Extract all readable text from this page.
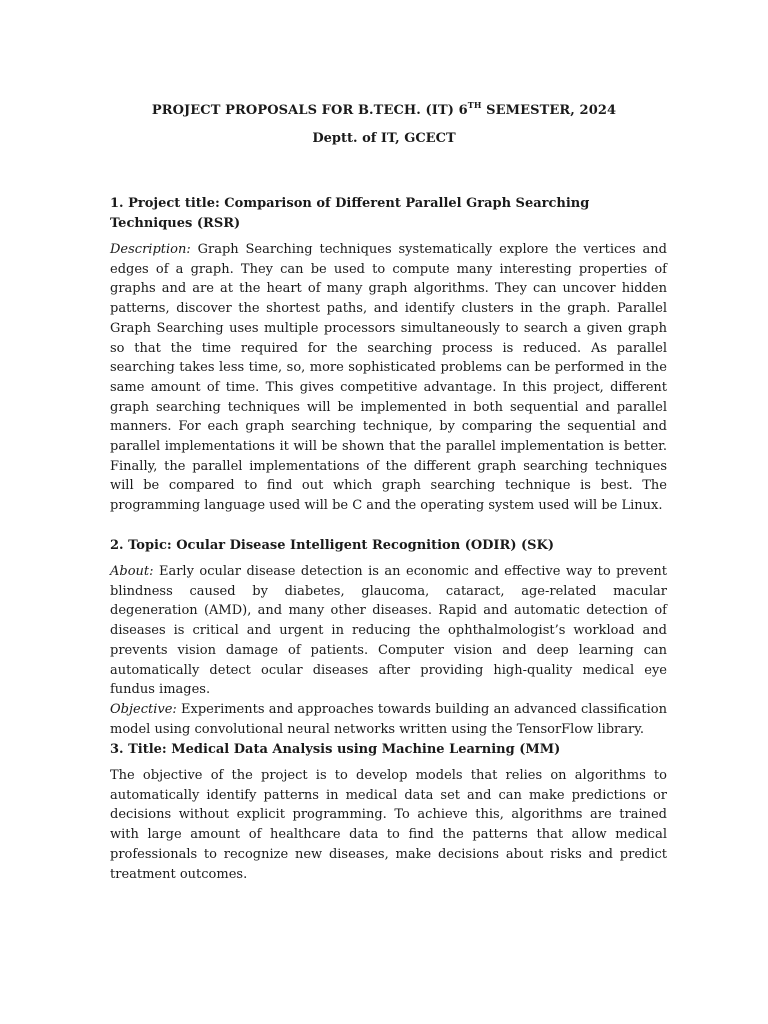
PROJECT PROPOSALS FOR B.TECH. (IT) 6TH SEMESTER, 2024
Deptt. of IT, GCECT

1. Project title: Comparison of Different Parallel Graph Searching Techniques (RSR)

Description: Graph Searching techniques systematically explore the vertices and edges of a graph. They can be used to compute many interesting properties of graphs and are at the heart of many graph algorithms. They can uncover hidden patterns, discover the shortest paths, and identify clusters in the graph. Parallel Graph Searching uses multiple processors simultaneously to search a given graph so that the time required for the searching process is reduced. As parallel searching takes less time, so, more sophisticated problems can be performed in the same amount of time. This gives competitive advantage. In this project, different graph searching techniques will be implemented in both sequential and parallel manners. For each graph searching technique, by comparing the sequential and parallel implementations it will be shown that the parallel implementation is better. Finally, the parallel implementations of the different graph searching techniques will be compared to find out which graph searching technique is best. The programming language used will be C and the operating system used will be Linux.

2. Topic: Ocular Disease Intelligent Recognition (ODIR) (SK)

About: Early ocular disease detection is an economic and effective way to prevent blindness caused by diabetes, glaucoma, cataract, age-related macular degeneration (AMD), and many other diseases. Rapid and automatic detection of diseases is critical and urgent in reducing the ophthalmologist’s workload and prevents vision damage of patients. Computer vision and deep learning can automatically detect ocular diseases after providing high-quality medical eye fundus images.

Objective: Experiments and approaches towards building an advanced classification model using convolutional neural networks written using the TensorFlow library.

3. Title: Medical Data Analysis using Machine Learning (MM)

The objective of the project is to develop models that relies on algorithms to automatically identify patterns in medical data set and can make predictions or decisions without explicit programming. To achieve this, algorithms are trained with large amount of healthcare data to find the patterns that allow medical professionals to recognize new diseases, make decisions about risks and predict treatment outcomes.
